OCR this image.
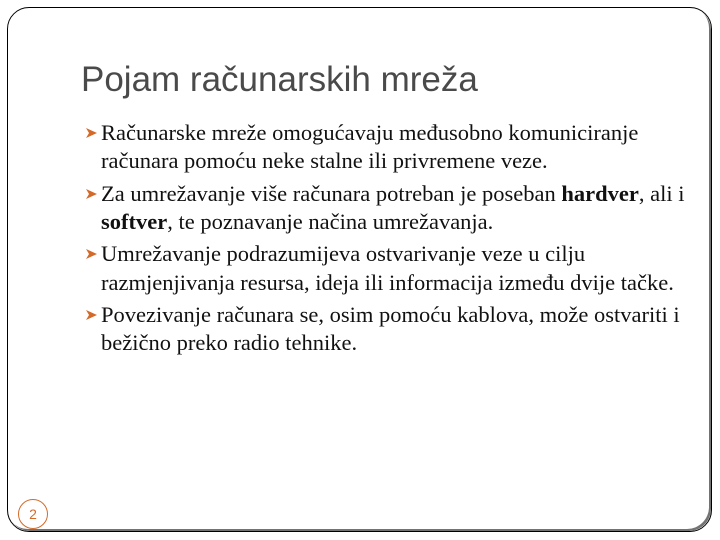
Pojam računarskih mreža
Računarske mreže omogućavaju međusobno komuniciranje računara pomoću neke stalne ili privremene veze.
Za umrežavanje više računara potreban je poseban hardver, ali i softver, te poznavanje načina umrežavanja.
Umrežavanje podrazumijeva ostvarivanje veze u cilju razmjenjivanja resursa, ideja ili informacija između dvije tačke.
Povezivanje računara se, osim pomoću kablova, može ostvariti i bežično preko radio tehnike.
2
